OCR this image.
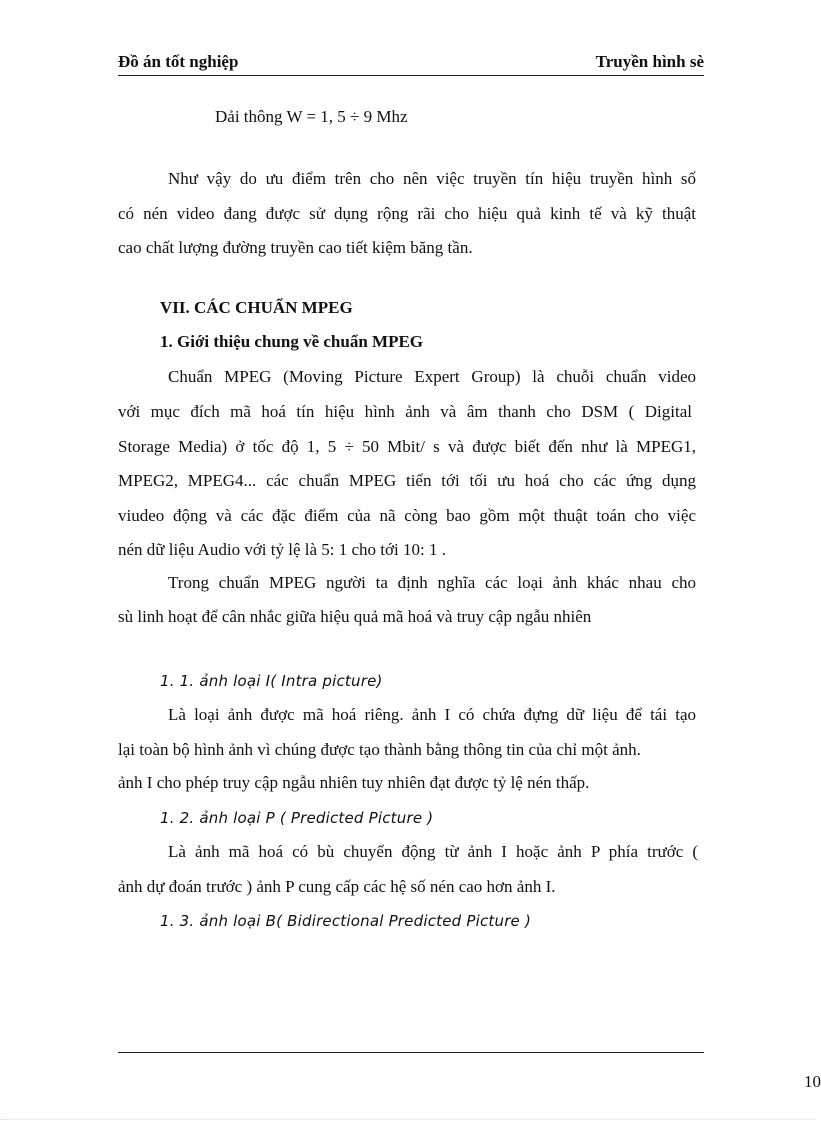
Đồ án tốt nghiệp	Truyền hình sè
Dải thông W = 1, 5 ÷ 9 Mhz
Như vậy do ưu điểm trên cho nên việc truyền tín hiệu truyền hình số
có nén video đang được sử dụng rộng rãi cho hiệu quả kinh tế và kỹ thuật
cao chất lượng đường truyền cao tiết kiệm băng tần.
VII. CÁC CHUẨN MPEG
1. Giới thiệu chung về chuẩn MPEG
Chuẩn MPEG (Moving Picture Expert Group) là chuỗi chuẩn video
với mục đích mã hoá tín hiệu hình ảnh và âm thanh cho DSM ( Digital
Storage Media) ở tốc độ 1, 5 ÷ 50 Mbit/ s và được biết đến như là MPEG1,
MPEG2, MPEG4... các chuẩn MPEG tiến tới tối ưu hoá cho các ứng dụng
viudeo động và các đặc điểm của nã còng bao gồm một thuật toán cho việc
nén dữ liệu Audio với tỷ lệ là 5: 1 cho tới 10: 1 .
Trong chuẩn MPEG người ta định nghĩa các loại ảnh khác nhau cho
sù linh hoạt để cân nhắc giữa hiệu quả mã hoá và truy cập ngẫu nhiên
1. 1. ảnh loại I( Intra picture)
Là loại ảnh được mã hoá riêng. ảnh I có chứa đựng dữ liệu để tái tạo
lại toàn bộ hình ảnh vì chúng được tạo thành bằng thông tin của chỉ một ảnh.
ảnh I cho phép truy cập ngẫu nhiên tuy nhiên đạt được tỷ lệ nén thấp.
1. 2. ảnh loại P ( Predicted Picture )
Là ảnh mã hoá có bù chuyển động từ ảnh I hoặc ảnh P phía trước (
ảnh dự đoán trước ) ảnh P cung cấp các hệ số nén cao hơn ảnh I.
1. 3. ảnh loại B( Bidirectional Predicted Picture )
10
